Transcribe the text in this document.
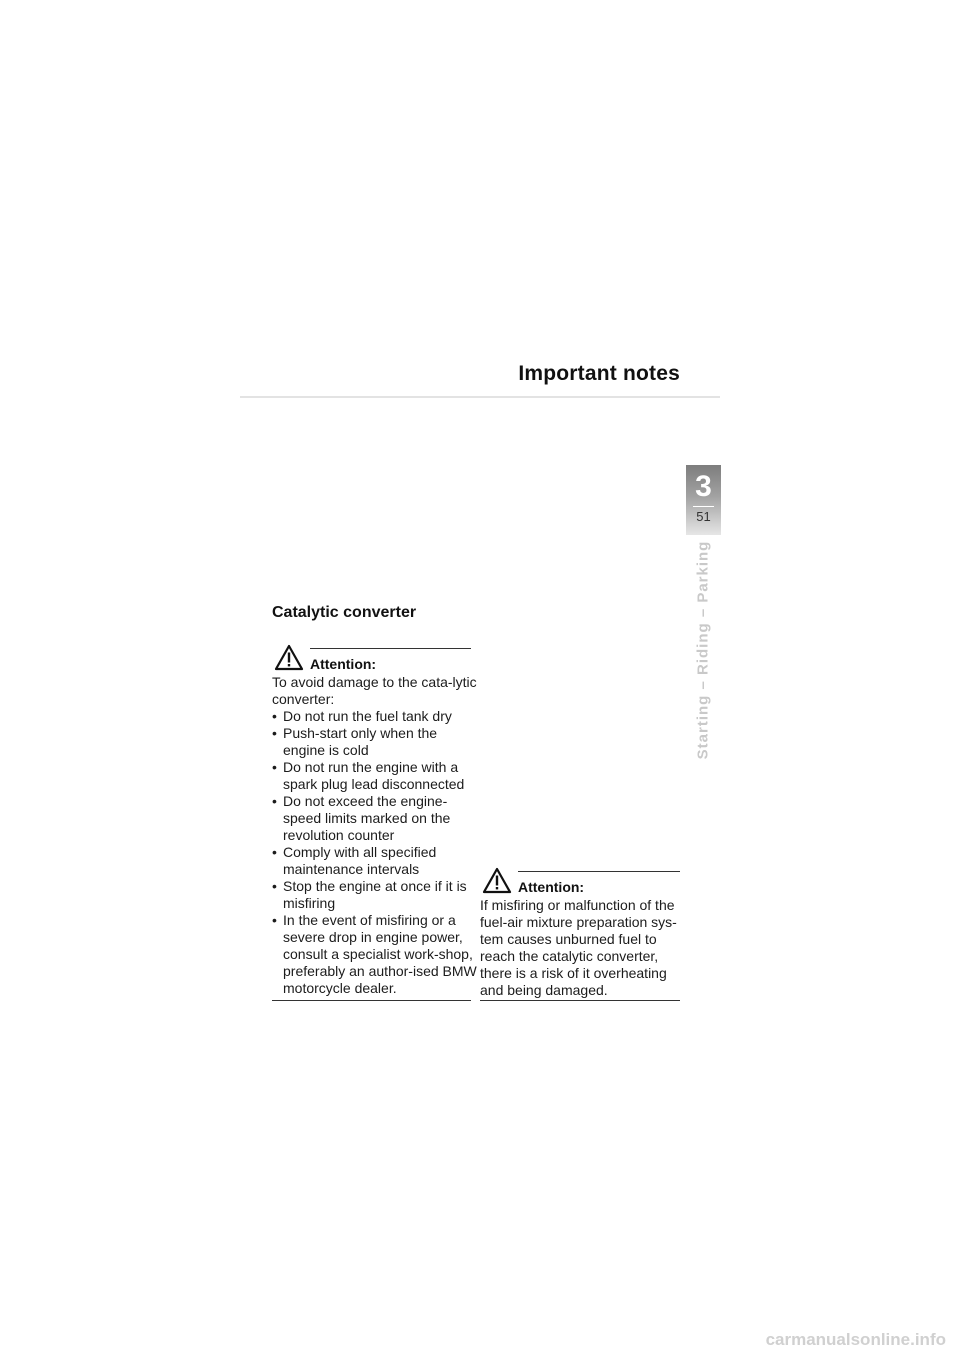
Important notes
3
51
Starting – Riding – Parking
Catalytic converter
Attention:

To avoid damage to the cata-lytic converter:

• Do not run the fuel tank dry
• Push-start only when the engine is cold
• Do not run the engine with a spark plug lead disconnected
• Do not exceed the engine-speed limits marked on the revolution counter
• Comply with all specified maintenance intervals
• Stop the engine at once if it is misfiring
• In the event of misfiring or a severe drop in engine power, consult a specialist work-shop, preferably an author-ised BMW motorcycle dealer.
Attention:

If misfiring or malfunction of the fuel-air mixture preparation sys-tem causes unburned fuel to reach the catalytic converter, there is a risk of it overheating and being damaged.

carmanualsonline.info
